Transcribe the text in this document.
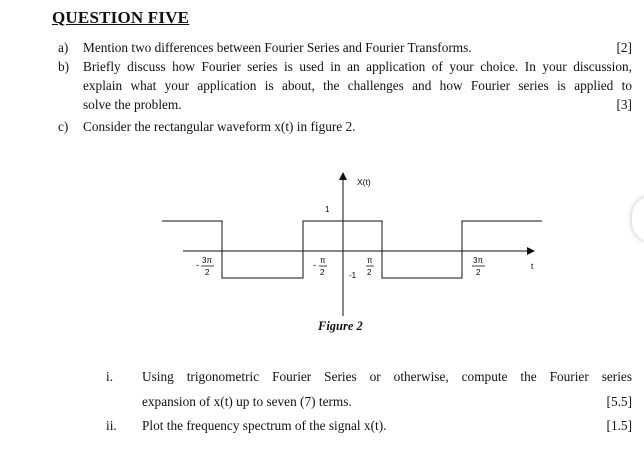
QUESTION FIVE
a) Mention two differences between Fourier Series and Fourier Transforms.	[2]
b) Briefly discuss how Fourier series is used in an application of your choice. In your discussion,
explain what your application is about, the challenges and how Fourier series is applied to
solve the problem.	[3]
c) Consider the rectangular waveform x(t) in figure 2.
X(t)
t
1
-1
- 3π
2
- π
2
π
2
3π
2
Figure 2
i. Using trigonometric Fourier Series or otherwise, compute the Fourier series
expansion of x(t) up to seven (7) terms.	[5.5]
ii. Plot the frequency spectrum of the signal x(t).	[1.5]
